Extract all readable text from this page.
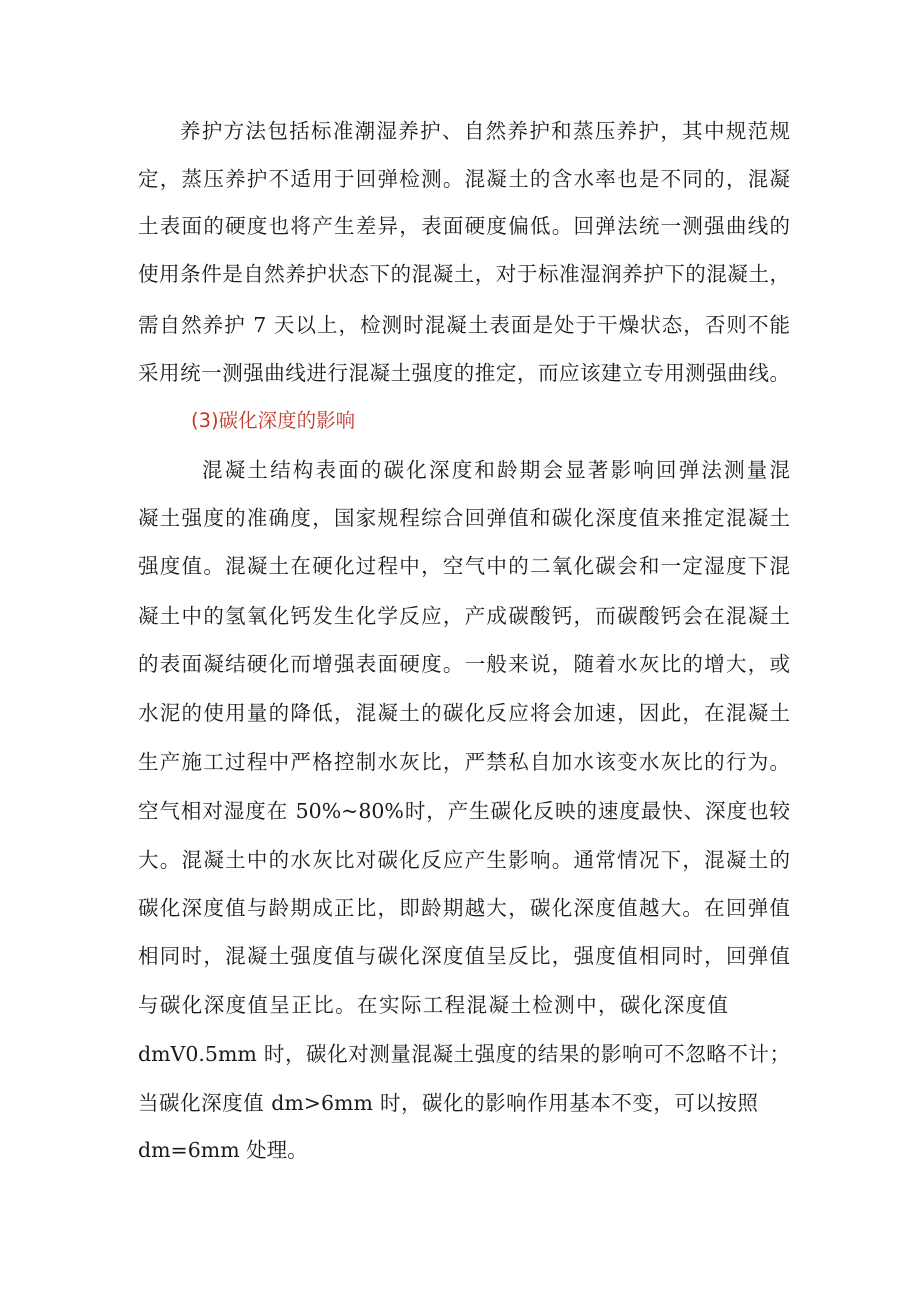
养护方法包括标准潮湿养护、自然养护和蒸压养护，其中规范规
定，蒸压养护不适用于回弹检测。混凝土的含水率也是不同的，混凝
土表面的硬度也将产生差异，表面硬度偏低。回弹法统一测强曲线的
使用条件是自然养护状态下的混凝土，对于标准湿润养护下的混凝土，
需自然养护 7 天以上，检测时混凝土表面是处于干燥状态，否则不能
采用统一测强曲线进行混凝土强度的推定，而应该建立专用测强曲线。
(3)碳化深度的影响
混凝土结构表面的碳化深度和龄期会显著影响回弹法测量混
凝土强度的准确度，国家规程综合回弹值和碳化深度值来推定混凝土
强度值。混凝土在硬化过程中，空气中的二氧化碳会和一定湿度下混
凝土中的氢氧化钙发生化学反应，产成碳酸钙，而碳酸钙会在混凝土
的表面凝结硬化而增强表面硬度。一般来说，随着水灰比的增大，或
水泥的使用量的降低，混凝土的碳化反应将会加速，因此，在混凝土
生产施工过程中严格控制水灰比，严禁私自加水该变水灰比的行为。
空气相对湿度在 50%~80%时，产生碳化反映的速度最快、深度也较
大。混凝土中的水灰比对碳化反应产生影响。通常情况下，混凝土的
碳化深度值与龄期成正比，即龄期越大，碳化深度值越大。在回弹值
相同时，混凝土强度值与碳化深度值呈反比，强度值相同时，回弹值
与碳化深度值呈正比。在实际工程混凝土检测中，碳化深度值
dmV0.5mm 时，碳化对测量混凝土强度的结果的影响可不忽略不计；
当碳化深度值 dm>6mm 时，碳化的影响作用基本不变，可以按照
dm=6mm 处理。
